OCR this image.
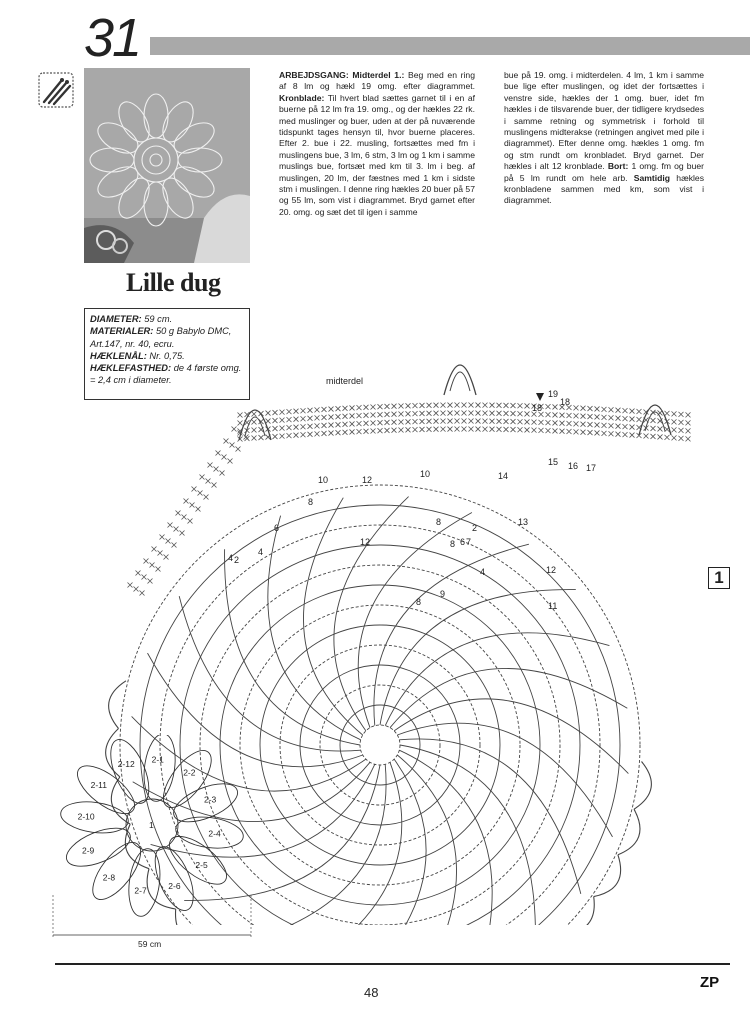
31
Lille dug
DIAMETER: 59 cm.
MATERIALER: 50 g Babylo DMC, Art.147, nr. 40, ecru.
HÆKLENÅL: Nr. 0,75.
HÆKLEFASTHED: de 4 første omg. = 2,4 cm i diameter.
ARBEJDSGANG: Midterdel 1.: Beg med en ring af 8 lm og hækl 19 omg. efter diagrammet. Kronblade: Til hvert blad sættes garnet til i en af buerne på 12 lm fra 19. omg., og der hækles 22 rk. med muslinger og buer, uden at der på nuværende tidspunkt tages hensyn til, hvor buerne placeres. Efter 2. bue i 22. musling, fortsættes med fm i muslingens bue, 3 lm, 6 stm, 3 lm og 1 km i samme muslings bue, fortsæt med km til 3. lm i beg. af muslingen, 20 lm, der fæstnes med 1 km i sidste stm i muslingen. I denne ring hækles 20 buer på 57 og 55 lm, som vist i diagrammet. Bryd garnet efter 20. omg. og sæt det til igen i samme
bue på 19. omg. i midterdelen. 4 lm, 1 km i samme bue lige efter muslingen, og idet der fortsættes i venstre side, hækles der 1 omg. buer, idet fm hækles i de tilsvarende buer, der tidligere krydsedes i samme retning og symmetrisk i forhold til muslingens midterakse (retningen angivet med pile i diagrammet). Efter denne omg. hækles 1 omg. fm og stm rundt om kronbladet. Bryd garnet. Der hækles i alt 12 kronblade. Bort: 1 omg. fm og buer på 5 lm rundt om hele arb. Samtidig hækles kronbladene sammen med km, som vist i diagrammet.
midterdel
19
18
18
15 16 17
14
13
12
11
10
10
12
8
6
4
2
4
12
8
6
4
2
7
8
9
8
1
2-1
2-2
2-3
2-4
2-5
2-6
2-7
2-8
2-9
2-10
2-11
2-12
1
59 cm
48
ZP
